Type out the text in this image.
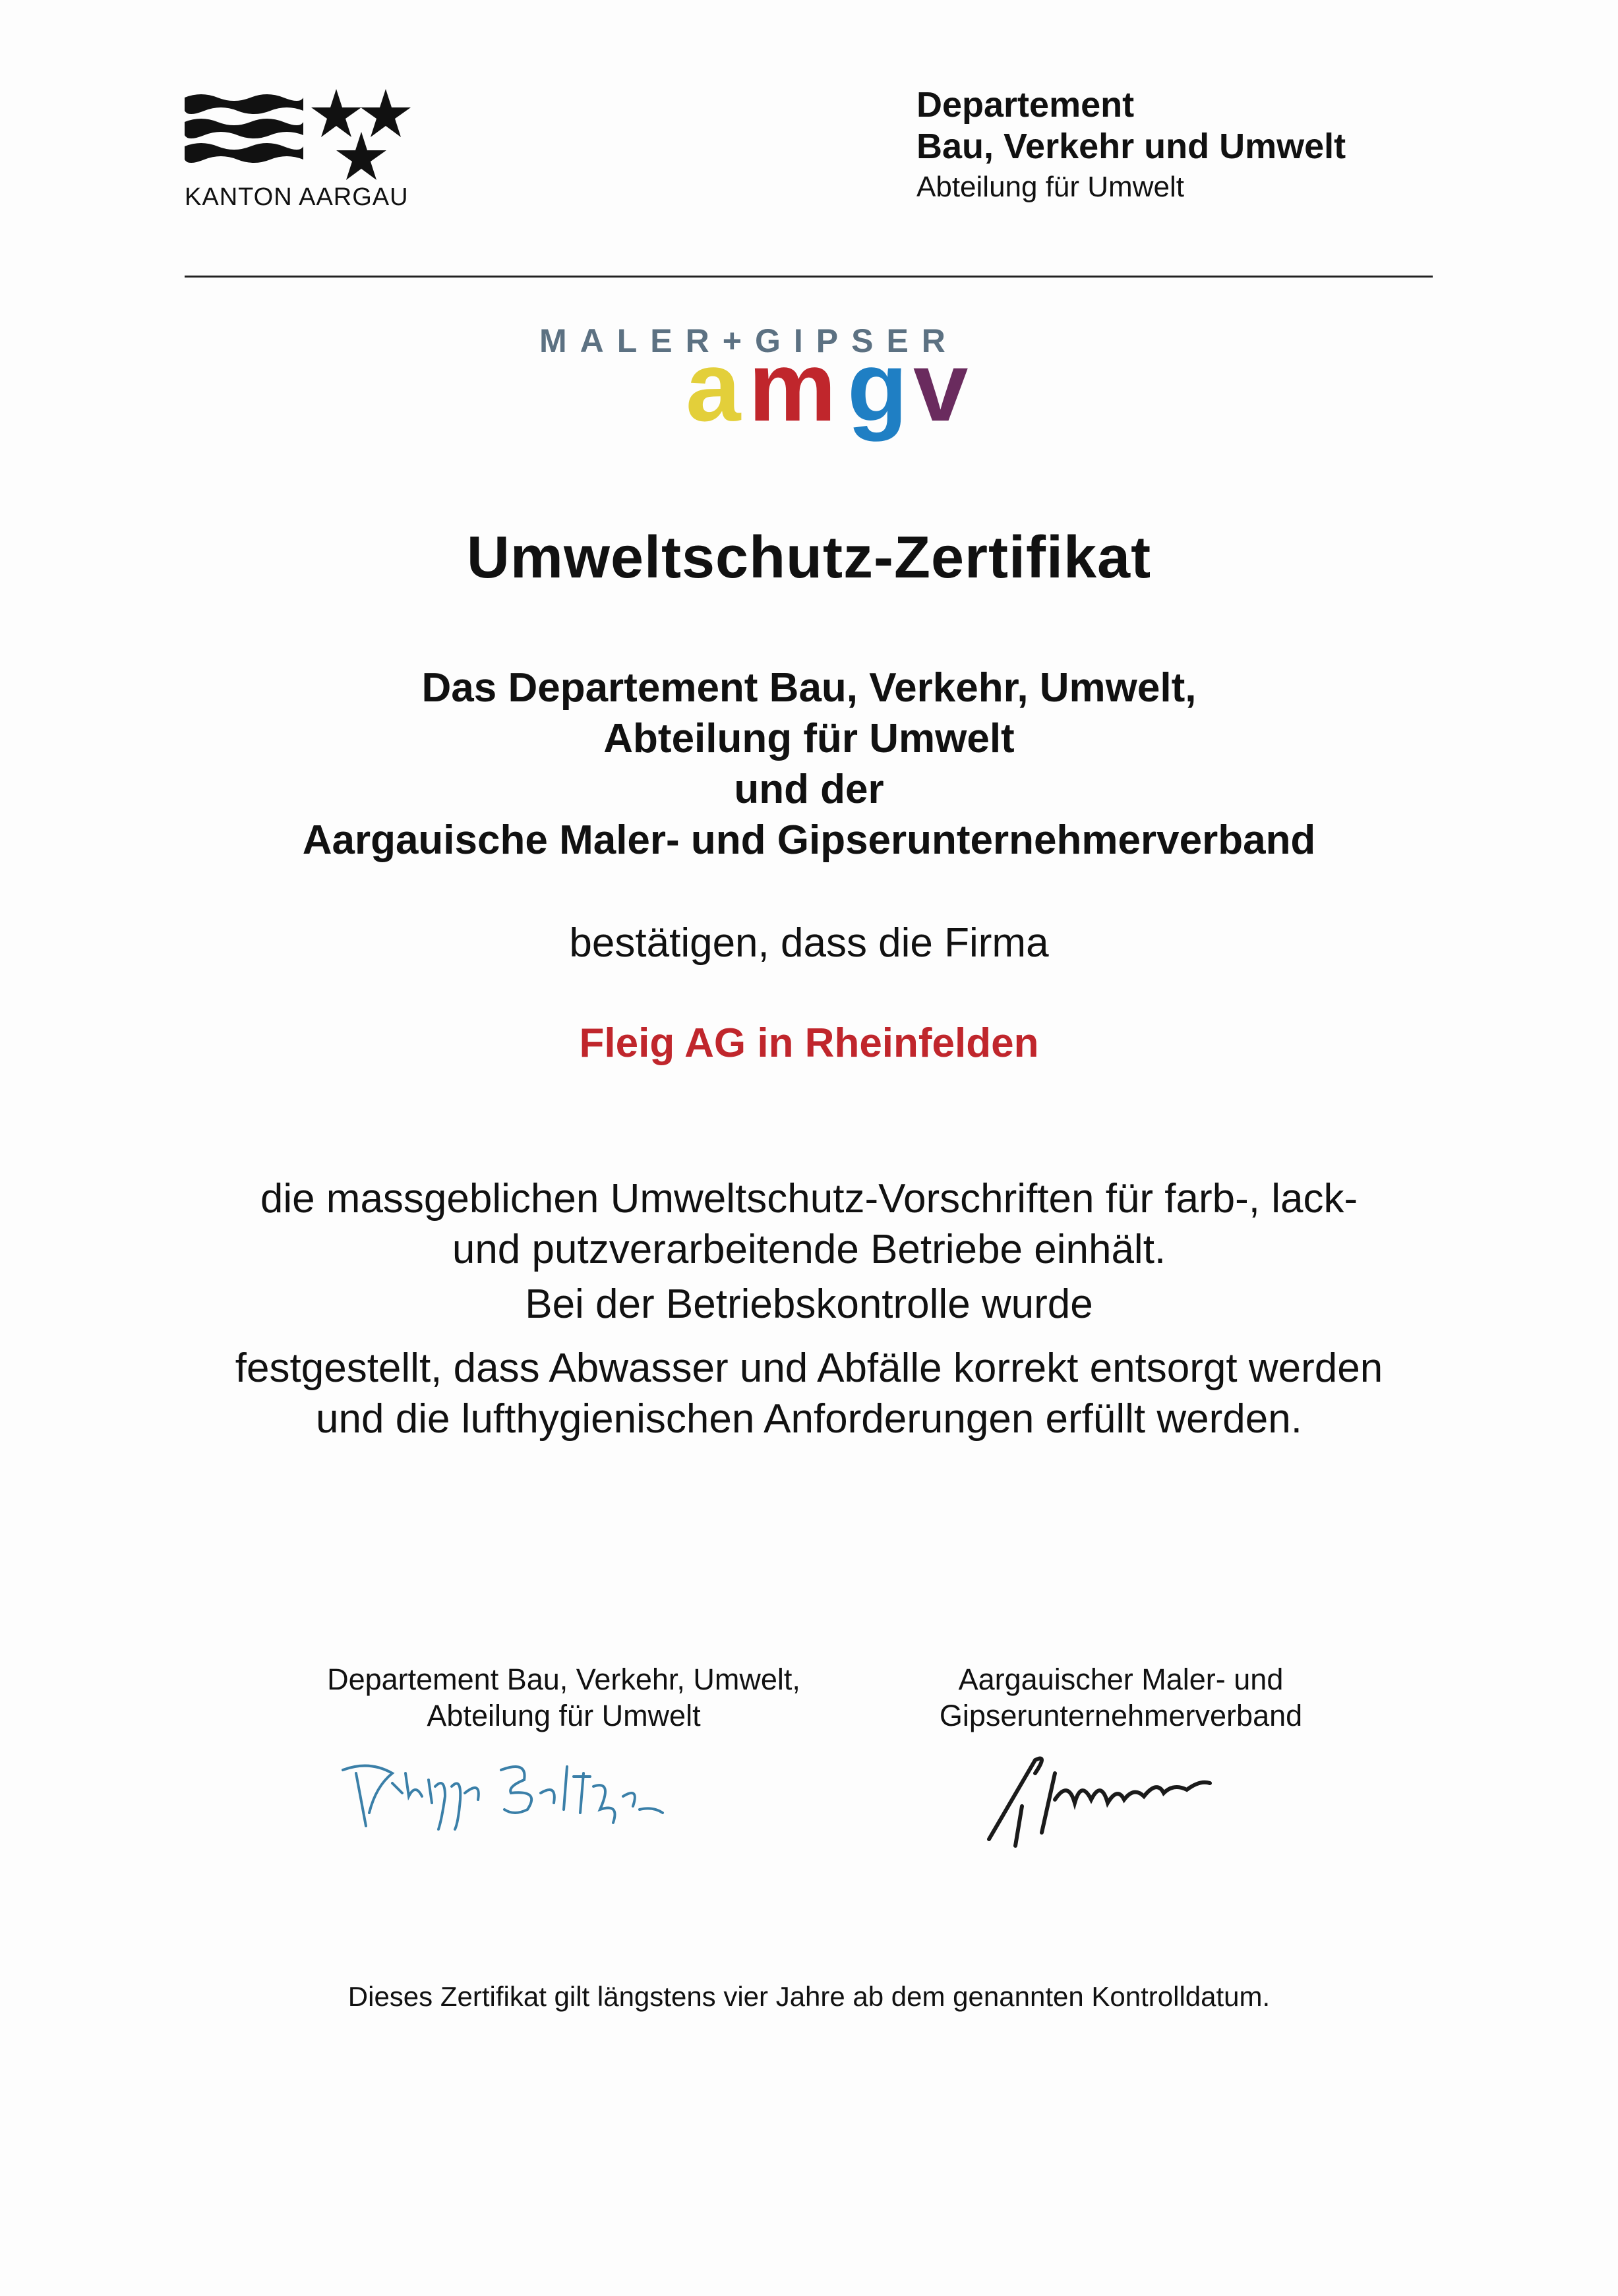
KANTON AARGAU
Departement
Bau, Verkehr und Umwelt
Abteilung für Umwelt
MALER+GIPSER
a m g v
Umweltschutz-Zertifikat
Das Departement Bau, Verkehr, Umwelt,
Abteilung für Umwelt
und der
Aargauische Maler- und Gipserunternehmerverband
bestätigen, dass die Firma
Fleig AG in Rheinfelden
die massgeblichen Umweltschutz-Vorschriften für farb-, lack-
und putzverarbeitende Betriebe einhält.
Bei der Betriebskontrolle wurde
festgestellt, dass Abwasser und Abfälle korrekt entsorgt werden
und die lufthygienischen Anforderungen erfüllt werden.
Departement Bau, Verkehr, Umwelt,
Abteilung für Umwelt
Aargauischer Maler- und
Gipserunternehmerverband
Dieses Zertifikat gilt längstens vier Jahre ab dem genannten Kontrolldatum.
